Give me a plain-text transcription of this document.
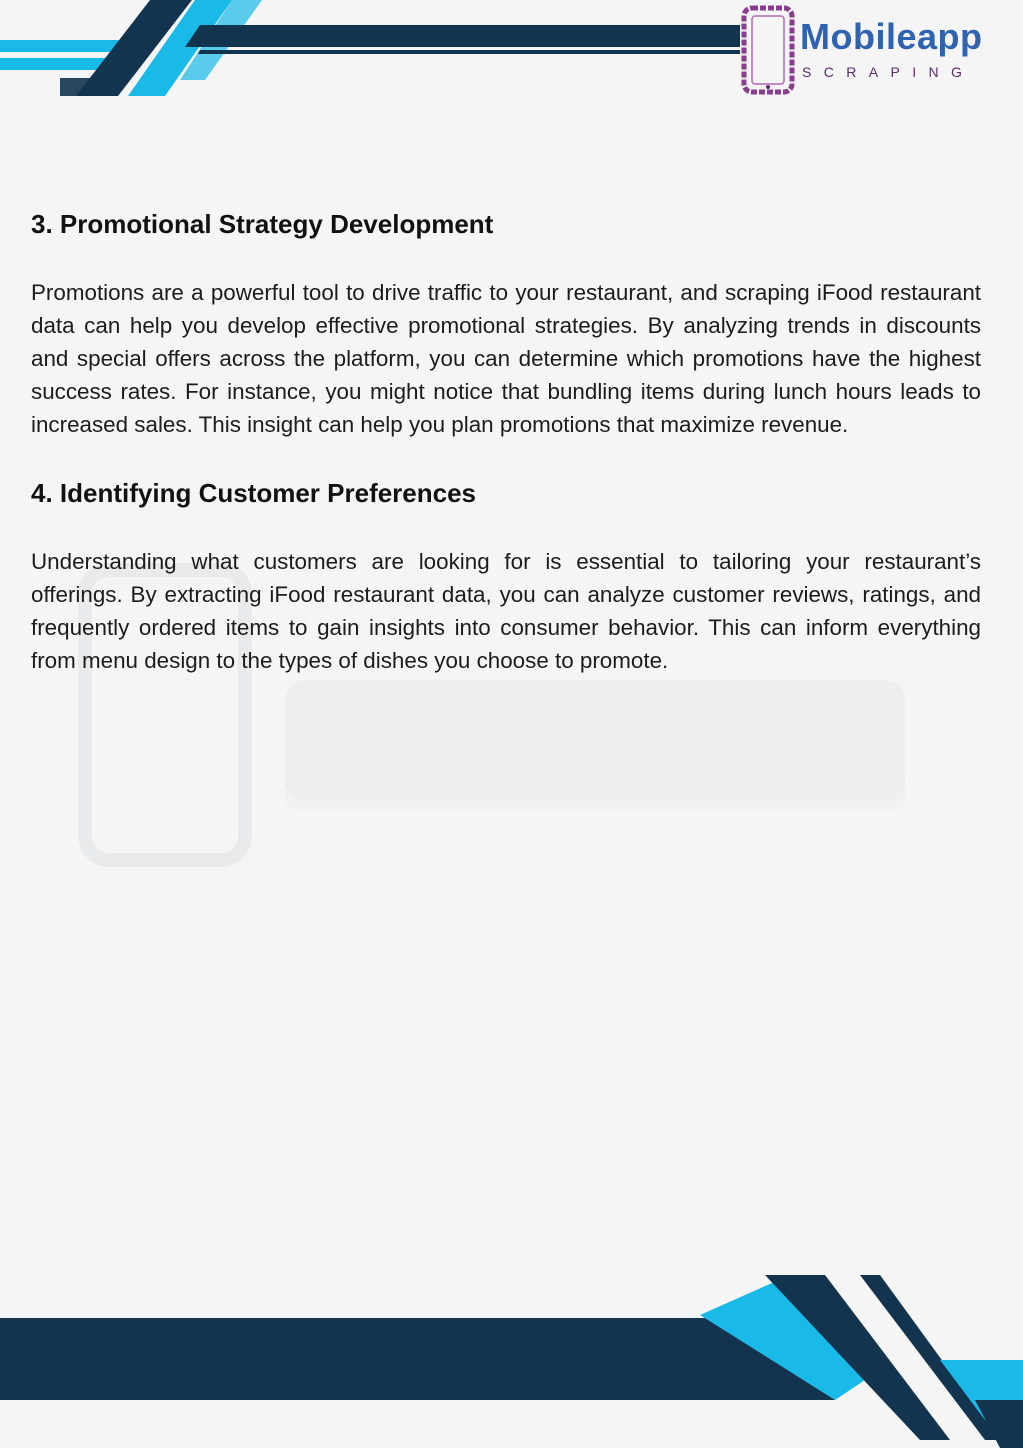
Mobileapp
SCRAPING
3. Promotional Strategy Development

Promotions are a powerful tool to drive traffic to your restaurant, and scraping iFood restaurant data can help you develop effective promotional strategies. By analyzing trends in discounts and special offers across the platform, you can determine which promotions have the highest success rates. For instance, you might notice that bundling items during lunch hours leads to increased sales. This insight can help you plan promotions that maximize revenue.

4. Identifying Customer Preferences

Understanding what customers are looking for is essential to tailoring your restaurant’s offerings. By extracting iFood restaurant data, you can analyze customer reviews, ratings, and frequently ordered items to gain insights into consumer behavior. This can inform everything from menu design to the types of dishes you choose to promote.
